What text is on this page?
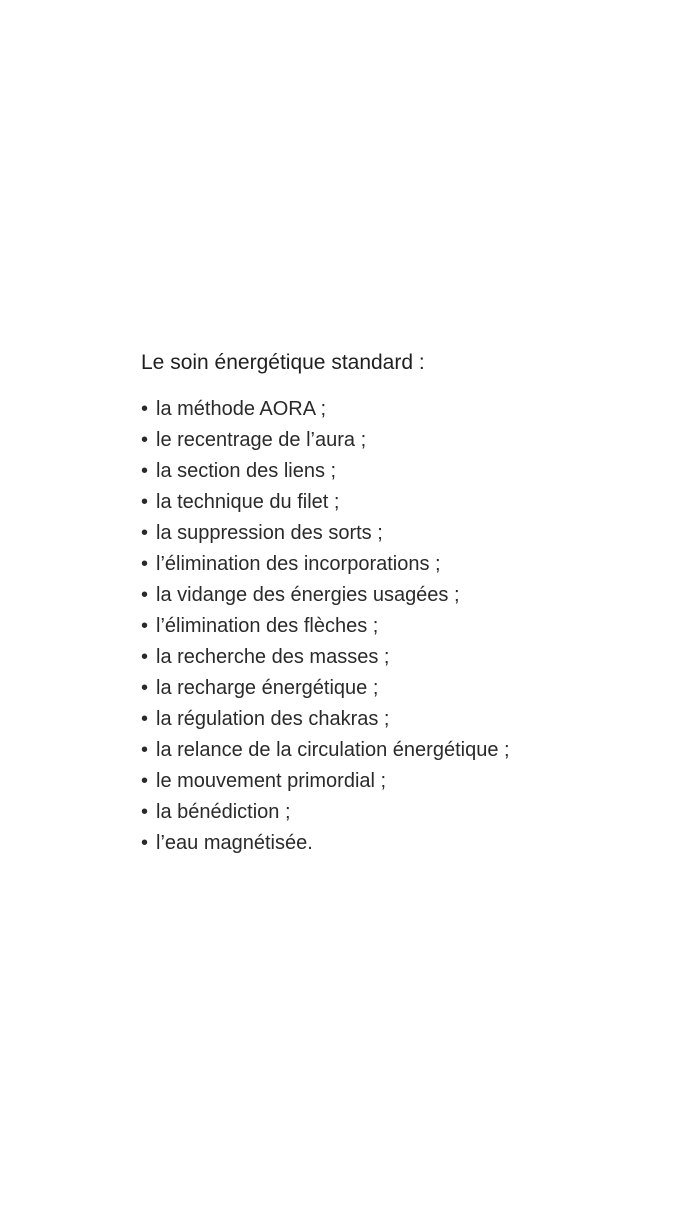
Le soin énergétique standard :
• la méthode AORA ;
• le recentrage de l’aura ;
• la section des liens ;
• la technique du filet ;
• la suppression des sorts ;
• l’élimination des incorporations ;
• la vidange des énergies usagées ;
• l’élimination des flèches ;
• la recherche des masses ;
• la recharge énergétique ;
• la régulation des chakras ;
• la relance de la circulation énergétique ;
• le mouvement primordial ;
• la bénédiction ;
• l’eau magnétisée.
